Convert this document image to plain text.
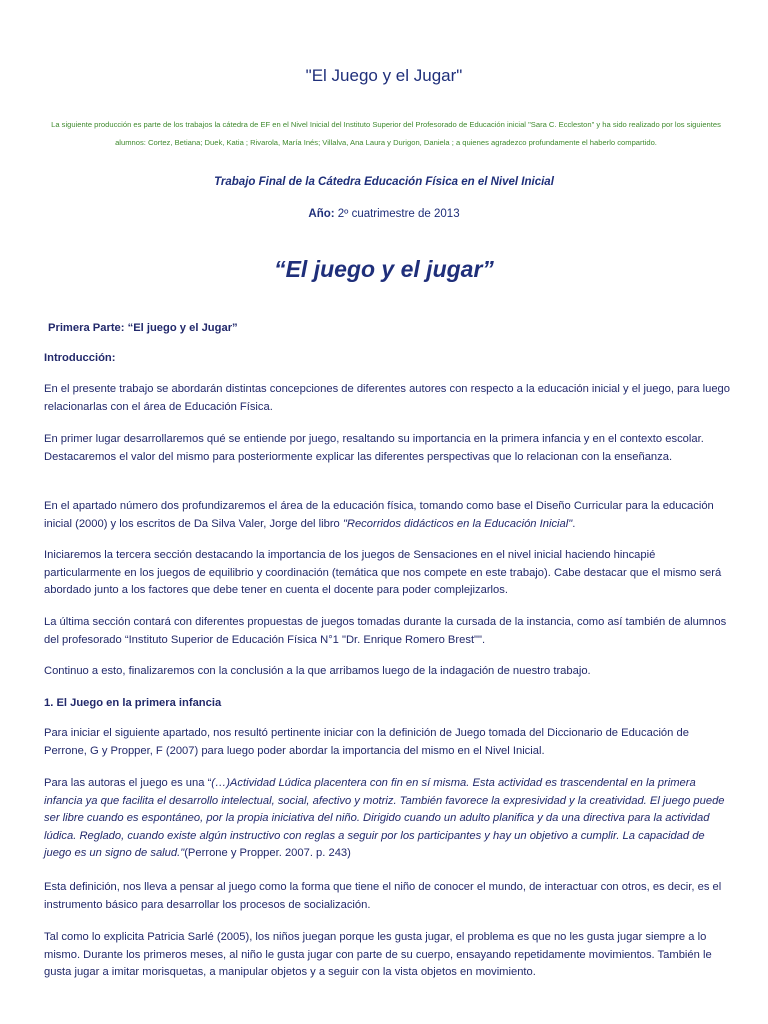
"El Juego y el Jugar"
La siguiente producción es parte de los trabajos la cátedra de EF en el Nivel Inicial del Instituto Superior del Profesorado de Educación inicial "Sara C. Eccleston" y ha sido realizado por los siguientes alumnos: Cortez, Betiana; Duek, Katia ; Rivarola, María Inés; Villalva, Ana Laura y Durigon, Daniela ; a quienes agradezco profundamente el haberlo compartido.
Trabajo Final de la Cátedra Educación Física en el Nivel Inicial
Año: 2º cuatrimestre de 2013
“El juego y el jugar”
Primera Parte: “El juego y el Jugar”
Introducción:
En el presente trabajo se abordarán distintas concepciones de diferentes autores con respecto a la educación inicial y el juego, para luego relacionarlas con el área de Educación Física.
En primer lugar desarrollaremos qué se entiende por juego, resaltando su importancia en la primera infancia y en el contexto escolar. Destacaremos el valor del mismo para posteriormente explicar las diferentes perspectivas que lo relacionan con la enseñanza.
En el apartado número dos profundizaremos el área de la educación física, tomando como base el Diseño Curricular para la educación inicial (2000) y los escritos de Da Silva Valer, Jorge del libro "Recorridos didácticos en la Educación Inicial".
Iniciaremos la tercera sección destacando la importancia de los juegos de Sensaciones en el nivel inicial haciendo hincapié particularmente en los juegos de equilibrio y coordinación (temática que nos compete en este trabajo). Cabe destacar que el mismo será abordado junto a los factores que debe tener en cuenta el docente para poder complejizarlos.
La última sección contará con diferentes propuestas de juegos tomadas durante la cursada de la instancia, como así también de alumnos del profesorado “Instituto Superior de Educación Física N°1 "Dr. Enrique Romero Brest"".
Continuo a esto, finalizaremos con la conclusión a la que arribamos luego de la indagación de nuestro trabajo.
1. El Juego en la primera infancia
Para iniciar el siguiente apartado, nos resultó pertinente iniciar con la definición de Juego tomada del Diccionario de Educación de Perrone, G y Propper, F (2007) para luego poder abordar la importancia del mismo en el Nivel Inicial.
Para las autoras el juego es una “(…)Actividad Lúdica placentera con fin en sí misma. Esta actividad es trascendental en la primera infancia ya que facilita el desarrollo intelectual, social, afectivo y motriz. También favorece la expresividad y la creatividad. El juego puede ser libre cuando es espontáneo, por la propia iniciativa del niño. Dirigido cuando un adulto planifica y da una directiva para la actividad lúdica. Reglado, cuando existe algún instructivo con reglas a seguir por los participantes y hay un objetivo a cumplir. La capacidad de juego es un signo de salud."(Perrone y Propper. 2007. p. 243)
Esta definición, nos lleva a pensar al juego como la forma que tiene el niño de conocer el mundo, de interactuar con otros, es decir, es el instrumento básico para desarrollar los procesos de socialización.
Tal como lo explicita Patricia Sarlé (2005), los niños juegan porque les gusta jugar, el problema es que no les gusta jugar siempre a lo mismo. Durante los primeros meses, al niño le gusta jugar con parte de su cuerpo, ensayando repetidamente movimientos. También le gusta jugar a imitar morisquetas, a manipular objetos y a seguir con la vista objetos en movimiento.
